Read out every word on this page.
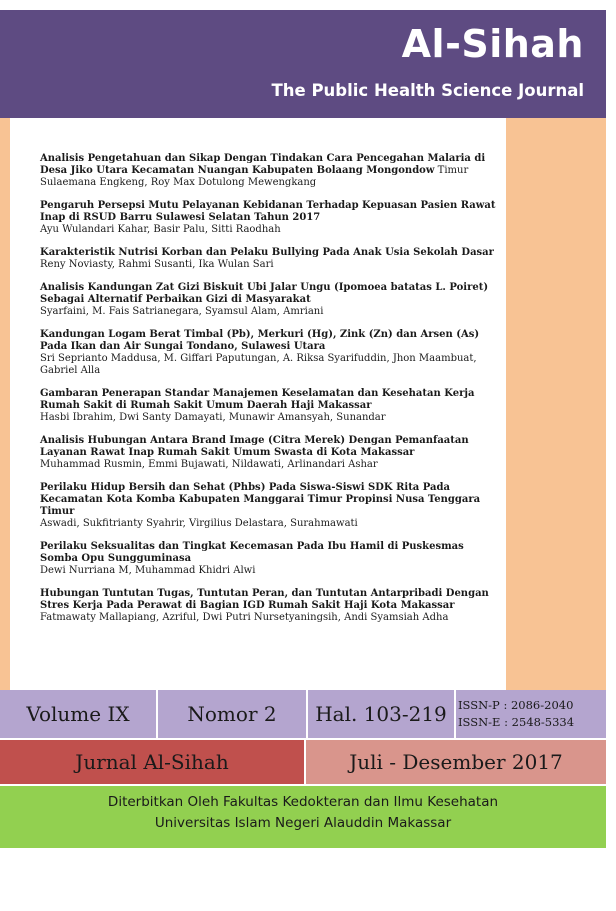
Al-Sihah
The Public Health Science Journal
Analisis Pengetahuan dan Sikap Dengan Tindakan Cara Pencegahan Malaria di Desa Jiko Utara Kecamatan Nuangan Kabupaten Bolaang Mongondow Timur Sulaemana Engkeng, Roy Max Dotulong Mewengkang
Pengaruh Persepsi Mutu Pelayanan Kebidanan Terhadap Kepuasan Pasien Rawat Inap di RSUD Barru Sulawesi Selatan Tahun 2017
Ayu Wulandari Kahar, Basir Palu, Sitti Raodhah
Karakteristik Nutrisi Korban dan Pelaku Bullying Pada Anak Usia Sekolah Dasar
Reny Noviasty, Rahmi Susanti, Ika Wulan Sari
Analisis Kandungan Zat Gizi Biskuit Ubi Jalar Ungu (Ipomoea batatas L. Poiret) Sebagai Alternatif Perbaikan Gizi di Masyarakat
Syarfaini, M. Fais Satrianegara, Syamsul Alam, Amriani
Kandungan Logam Berat Timbal (Pb), Merkuri (Hg), Zink (Zn) dan Arsen (As) Pada Ikan dan Air Sungai Tondano, Sulawesi Utara
Sri Seprianto Maddusa, M. Giffari Paputungan, A. Riksa Syarifuddin, Jhon Maambuat, Gabriel Alla
Gambaran Penerapan Standar Manajemen Keselamatan dan Kesehatan Kerja Rumah Sakit di Rumah Sakit Umum Daerah Haji Makassar
Hasbi Ibrahim, Dwi Santy Damayati, Munawir Amansyah, Sunandar
Analisis Hubungan Antara Brand Image (Citra Merek) Dengan Pemanfaatan Layanan Rawat Inap Rumah Sakit Umum Swasta di Kota Makassar
Muhammad Rusmin, Emmi Bujawati, Nildawati, Arlinandari Ashar
Perilaku Hidup Bersih dan Sehat (Phbs) Pada Siswa-Siswi SDK Rita Pada Kecamatan Kota Komba Kabupaten Manggarai Timur Propinsi Nusa Tenggara Timur
Aswadi, Sukfitrianty Syahrir, Virgilius Delastara, Surahmawati
Perilaku Seksualitas dan Tingkat Kecemasan Pada Ibu Hamil di Puskesmas Somba Opu Sungguminasa
Dewi Nurriana M, Muhammad Khidri Alwi
Hubungan Tuntutan Tugas, Tuntutan Peran, dan Tuntutan Antarpribadi Dengan Stres Kerja Pada Perawat di Bagian IGD Rumah Sakit Haji Kota Makassar
Fatmawaty Mallapiang, Azriful, Dwi Putri Nursetyaningsih, Andi Syamsiah Adha
Volume IX	Nomor 2	Hal. 103-219 ISSN-P : 2086-2040
ISSN-E : 2548-5334
Jurnal Al-Sihah	Juli - Desember 2017
Diterbitkan Oleh Fakultas Kedokteran dan Ilmu Kesehatan
Universitas Islam Negeri Alauddin Makassar
